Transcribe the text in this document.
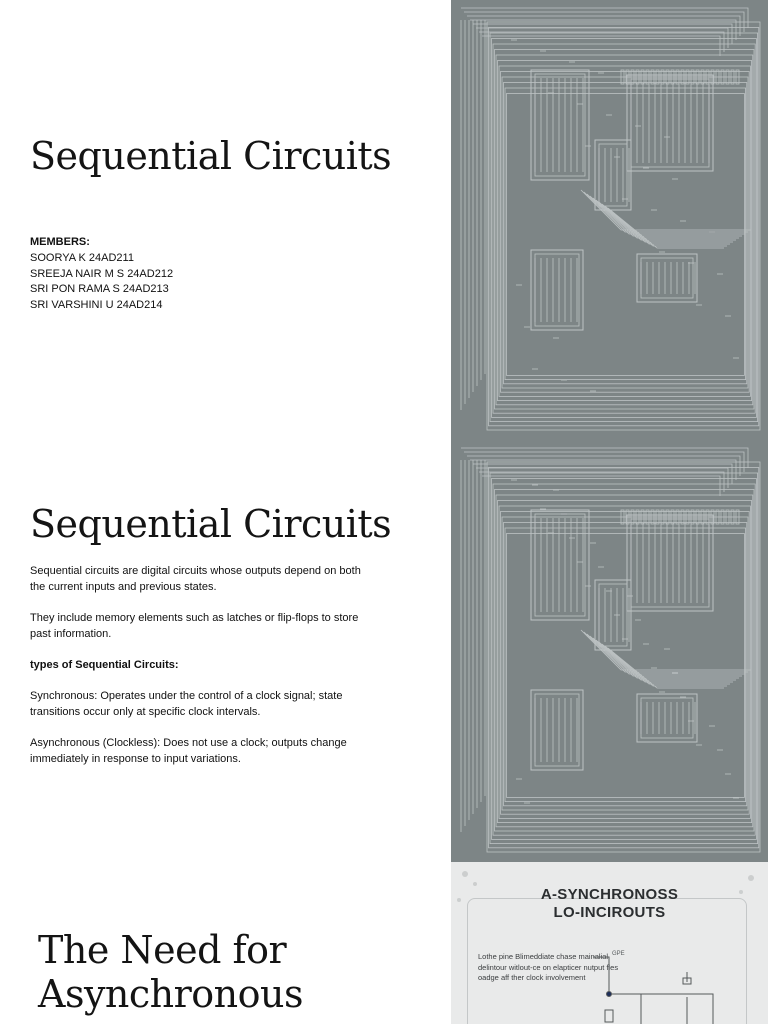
Sequential Circuits
MEMBERS:
SOORYA K 24AD211
SREEJA NAIR M S 24AD212
SRI PON RAMA S 24AD213
SRI VARSHINI U 24AD214
Sequential Circuits

Sequential circuits are digital circuits whose outputs depend on both the current inputs and previous states.

They include memory elements such as latches or flip-flops to store past information.

types of Sequential Circuits:

Synchronous: Operates under the control of a clock signal; state transitions occur only at specific clock intervals.

Asynchronous (Clockless): Does not use a clock; outputs change immediately in response to input variations.

The Need for
Asynchronous
A-SYNCHRONOSS
LO-INCIROUTS
Lothe pine Blimeddiate chase mainalial delintour witlout-ce on elapticer nutput fles oadge aff ther clock involvement
GPE
